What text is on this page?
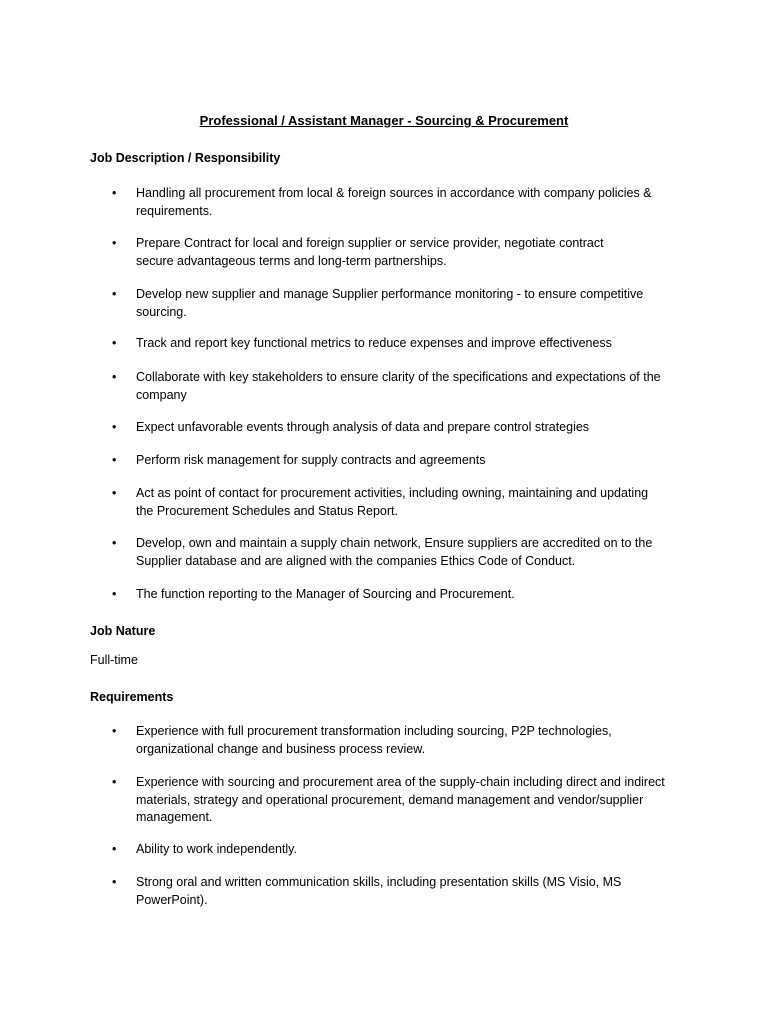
Professional / Assistant Manager - Sourcing & Procurement
Job Description / Responsibility
• Handling all procurement from local & foreign sources in accordance with company policies &
requirements.
• Prepare Contract for local and foreign supplier or service provider, negotiate contract
secure advantageous terms and long-term partnerships.
• Develop new supplier and manage Supplier performance monitoring - to ensure competitive
sourcing.
• Track and report key functional metrics to reduce expenses and improve effectiveness
• Collaborate with key stakeholders to ensure clarity of the specifications and expectations of the
company
• Expect unfavorable events through analysis of data and prepare control strategies
• Perform risk management for supply contracts and agreements
• Act as point of contact for procurement activities, including owning, maintaining and updating
the Procurement Schedules and Status Report.
• Develop, own and maintain a supply chain network, Ensure suppliers are accredited on to the
Supplier database and are aligned with the companies Ethics Code of Conduct.
• The function reporting to the Manager of Sourcing and Procurement.
Job Nature
Full-time
Requirements
• Experience with full procurement transformation including sourcing, P2P technologies,
organizational change and business process review.
• Experience with sourcing and procurement area of the supply-chain including direct and indirect
materials, strategy and operational procurement, demand management and vendor/supplier
management.
• Ability to work independently.
• Strong oral and written communication skills, including presentation skills (MS Visio, MS
PowerPoint).
